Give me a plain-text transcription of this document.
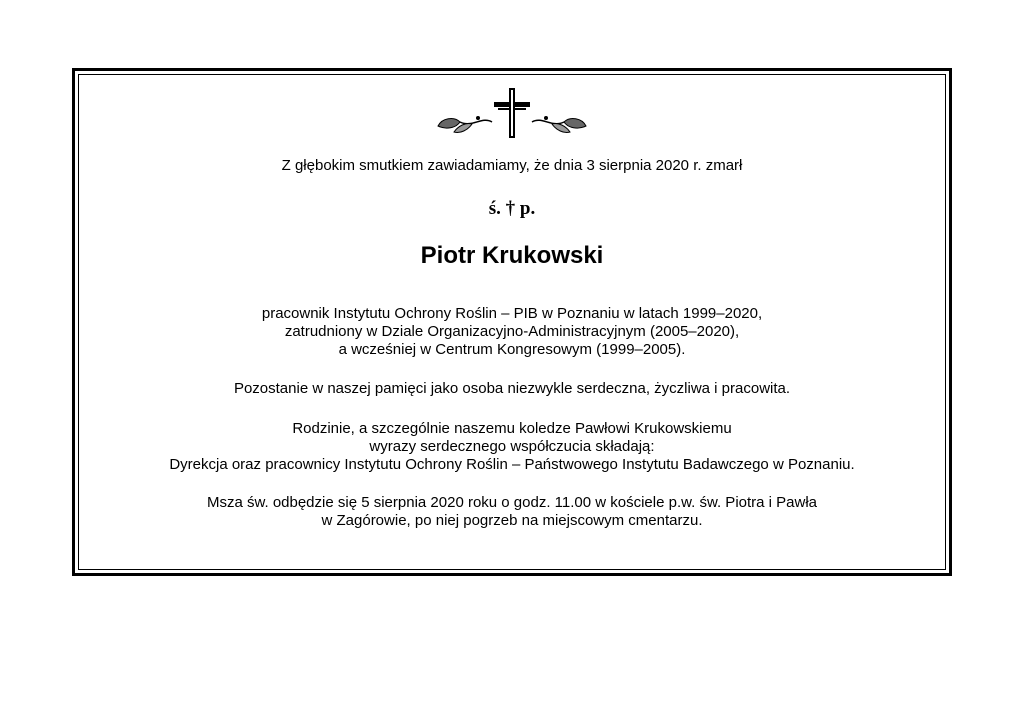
Z głębokim smutkiem zawiadamiamy, że dnia 3 sierpnia 2020 r. zmarł

ś. † p.
Piotr Krukowski

pracownik Instytutu Ochrony Roślin – PIB w Poznaniu w latach 1999–2020,

zatrudniony w Dziale Organizacyjno-Administracyjnym (2005–2020),

a wcześniej w Centrum Kongresowym (1999–2005).

Pozostanie w naszej pamięci jako osoba niezwykle serdeczna, życzliwa i pracowita.

Rodzinie, a szczególnie naszemu koledze Pawłowi Krukowskiemu

wyrazy serdecznego współczucia składają:

Dyrekcja oraz pracownicy Instytutu Ochrony Roślin – Państwowego Instytutu Badawczego w Poznaniu.

Msza św. odbędzie się 5 sierpnia 2020 roku o godz. 11.00 w kościele p.w. św. Piotra i Pawła

w Zagórowie, po niej pogrzeb na miejscowym cmentarzu.
